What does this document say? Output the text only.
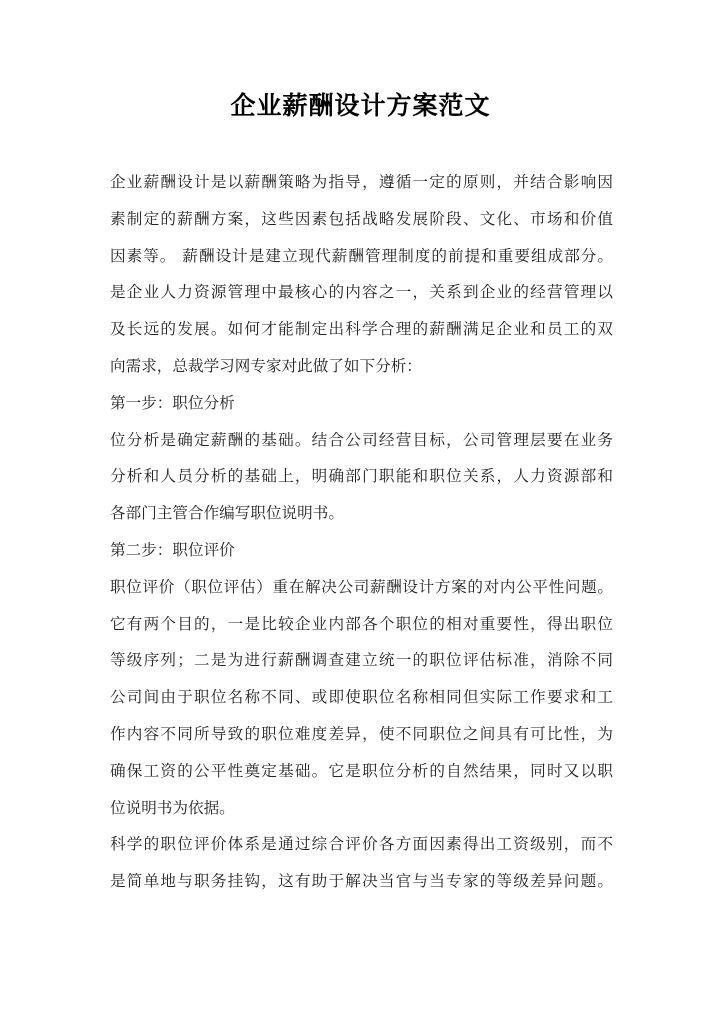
企业薪酬设计方案范文
企业薪酬设计是以薪酬策略为指导，遵循一定的原则，并结合影响因
素制定的薪酬方案，这些因素包括战略发展阶段、文化、市场和价值
因素等。 薪酬设计是建立现代薪酬管理制度的前提和重要组成部分。
是企业人力资源管理中最核心的内容之一，关系到企业的经营管理以
及长远的发展。如何才能制定出科学合理的薪酬满足企业和员工的双
向需求，总裁学习网专家对此做了如下分析：
第一步：职位分析
位分析是确定薪酬的基础。结合公司经营目标，公司管理层要在业务
分析和人员分析的基础上，明确部门职能和职位关系，人力资源部和
各部门主管合作编写职位说明书。
第二步：职位评价
职位评价（职位评估）重在解决公司薪酬设计方案的对内公平性问题。
它有两个目的，一是比较企业内部各个职位的相对重要性，得出职位
等级序列；二是为进行薪酬调查建立统一的职位评估标准，消除不同
公司间由于职位名称不同、或即使职位名称相同但实际工作要求和工
作内容不同所导致的职位难度差异，使不同职位之间具有可比性，为
确保工资的公平性奠定基础。它是职位分析的自然结果，同时又以职
位说明书为依据。
科学的职位评价体系是通过综合评价各方面因素得出工资级别，而不
是简单地与职务挂钩，这有助于解决当官与当专家的等级差异问题。
